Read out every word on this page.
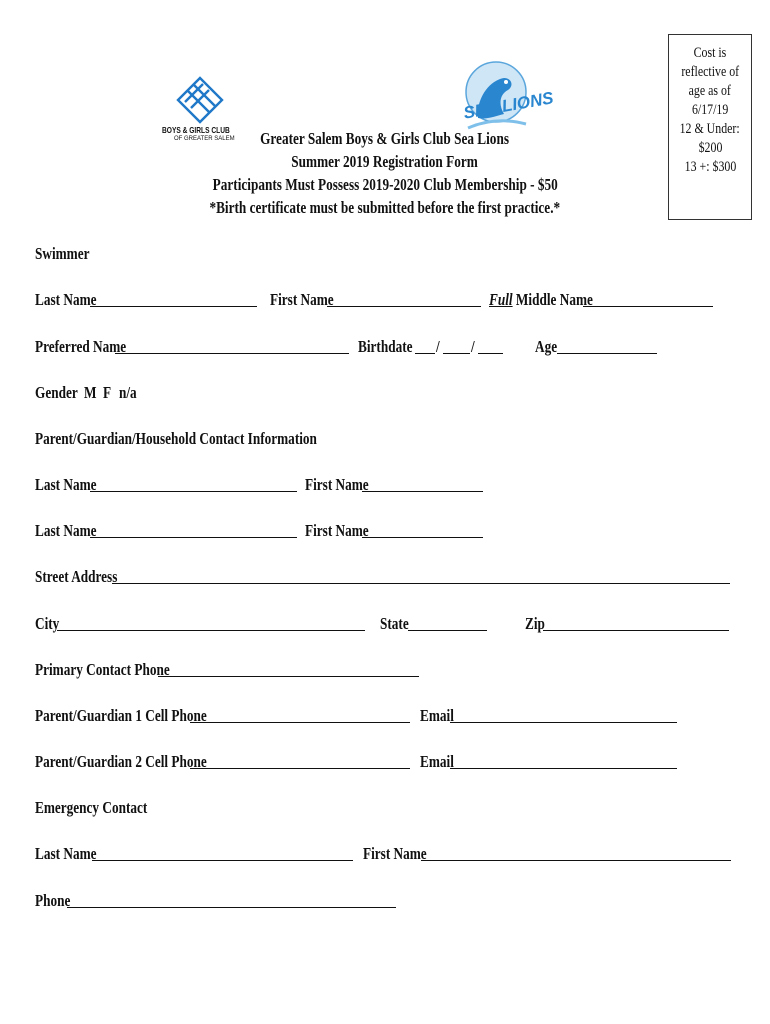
Cost is
reflective of
age as of
6/17/19
12 & Under:
$200
13 +: $300
BOYS & GIRLS CLUB
OF GREATER SALEM
SEA LIONS
Greater Salem Boys & Girls Club Sea Lions
Summer 2019 Registration Form
Participants Must Possess 2019-2020 Club Membership - $50
*Birth certificate must be submitted before the first practice.*
Swimmer
Last Name	First Name	Full Middle Name
Preferred Name	Birthdate	/ /	Age
Gender M F n/a
Parent/Guardian/Household Contact Information
Last Name	First Name
Last Name	First Name
Street Address
City	State	Zip
Primary Contact Phone
Parent/Guardian 1 Cell Phone	Email
Parent/Guardian 2 Cell Phone	Email
Emergency Contact
Last Name	First Name
Phone
